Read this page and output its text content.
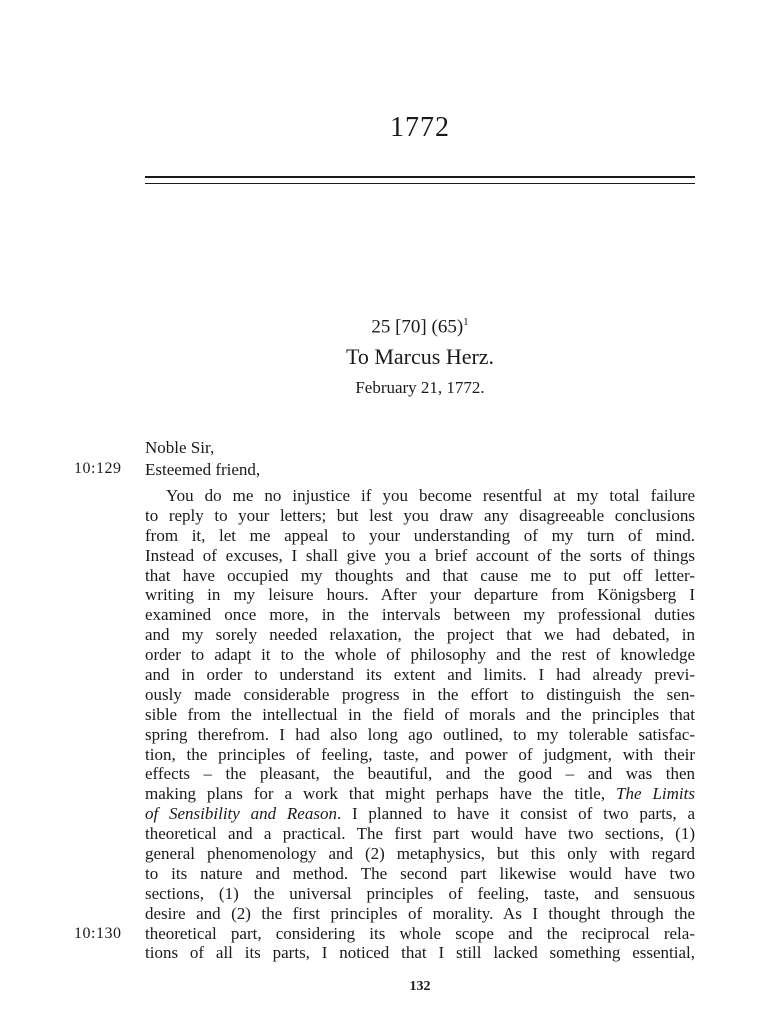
1772
25 [70] $(65)^1$
To Marcus Herz.
February 21, 1772.
Noble Sir,
Esteemed friend,
10:129
10:130
You do me no injustice if you become resentful at my total failure
to reply to your letters; but lest you draw any disagreeable conclusions
from it, let me appeal to your understanding of my turn of mind.
Instead of excuses, I shall give you a brief account of the sorts of things
that have occupied my thoughts and that cause me to put off letter-
writing in my leisure hours. After your departure from Königsberg I
examined once more, in the intervals between my professional duties
and my sorely needed relaxation, the project that we had debated, in
order to adapt it to the whole of philosophy and the rest of knowledge
and in order to understand its extent and limits. I had already previ-
ously made considerable progress in the effort to distinguish the sen-
sible from the intellectual in the field of morals and the principles that
spring therefrom. I had also long ago outlined, to my tolerable satisfac-
tion, the principles of feeling, taste, and power of judgment, with their
effects – the pleasant, the beautiful, and the good – and was then
making plans for a work that might perhaps have the title, The Limits
of Sensibility and Reason. I planned to have it consist of two parts, a
theoretical and a practical. The first part would have two sections, (1)
general phenomenology and (2) metaphysics, but this only with regard
to its nature and method. The second part likewise would have two
sections, (1) the universal principles of feeling, taste, and sensuous
desire and (2) the first principles of morality. As I thought through the
theoretical part, considering its whole scope and the reciprocal rela-
tions of all its parts, I noticed that I still lacked something essential,
132
